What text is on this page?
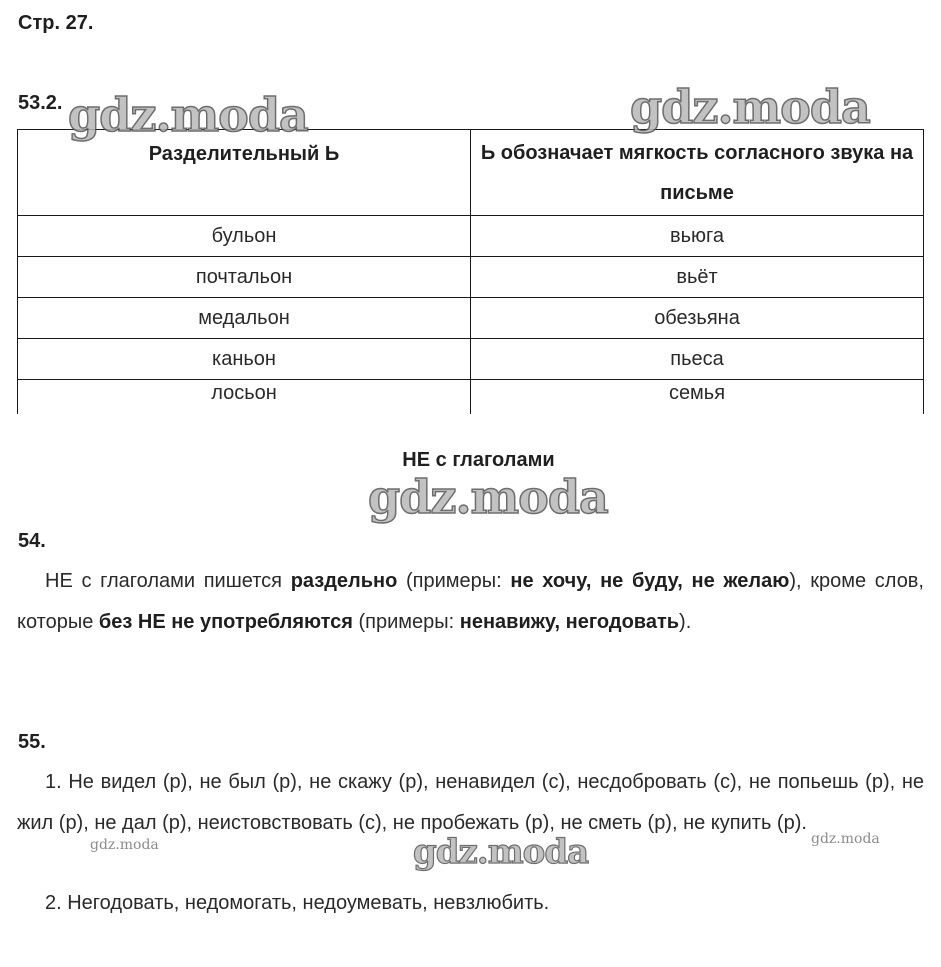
Стр. 27.
53.2.
Разделительный Ь	Ь обозначает мягкость согласного звука на письме
бульон	вьюга
почтальон	вьёт
медальон	обезьяна
каньон	пьеса
лосьон	семья
НЕ с глаголами
54.
НЕ с глаголами пишется раздельно (примеры: не хочу, не буду, не желаю), кроме слов, которые без НЕ не употребляются (примеры: ненавижу, негодовать).
55.
1. Не видел (р), не был (р), не скажу (р), ненавидел (с), несдобровать (с), не попьешь (р), не жил (р), не дал (р), неистовствовать (с), не пробежать (р), не сметь (р), не купить (р).
2. Негодовать, недомогать, недоумевать, невзлюбить.
gdz.moda	gdz.moda
gdz.moda
gdz.moda
gdz.moda	gdz.moda
